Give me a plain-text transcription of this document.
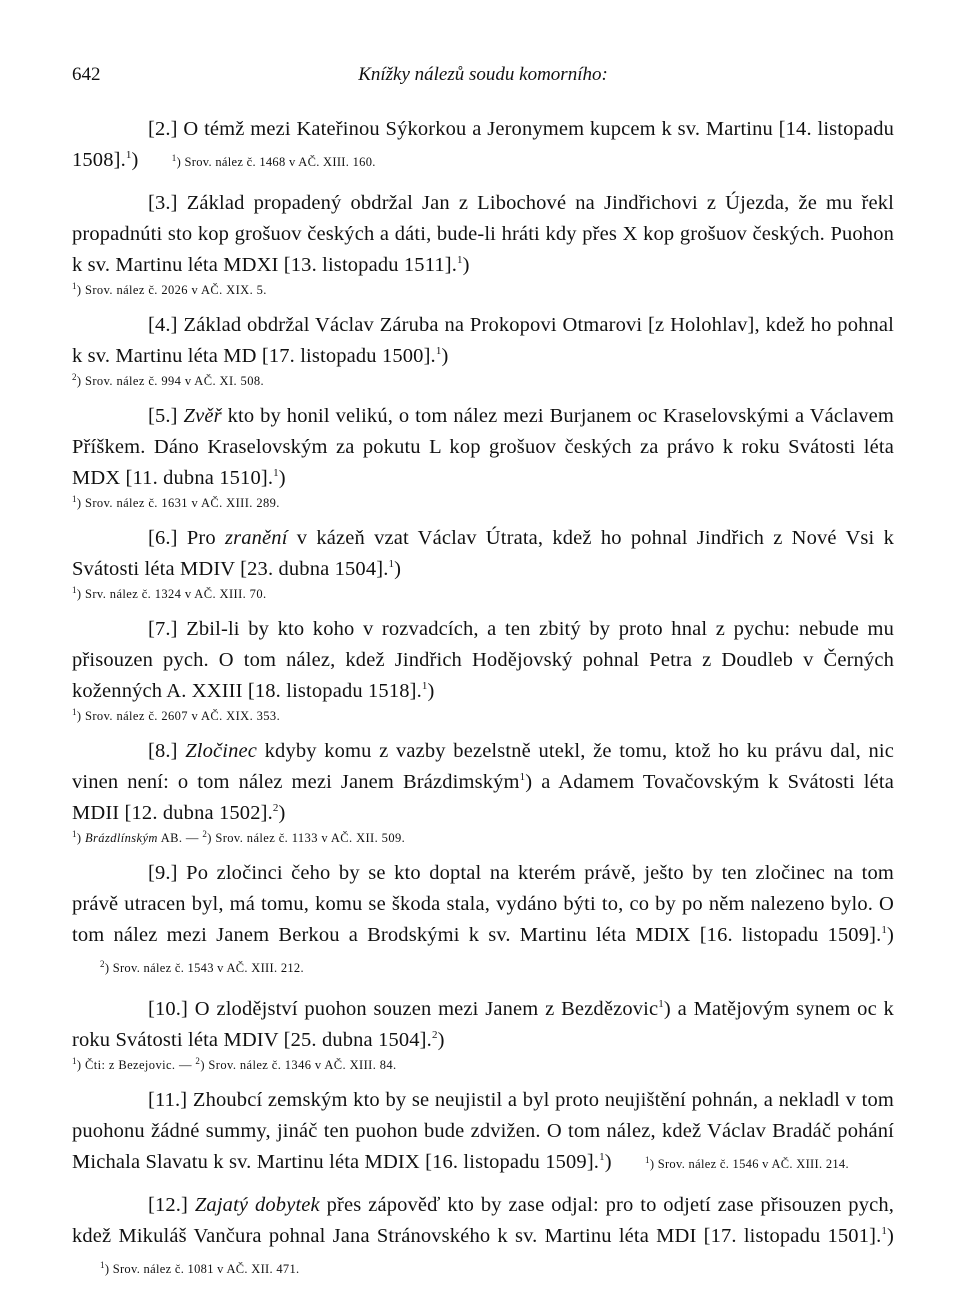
642	Knížky nálezů soudu komorního:
[2.] O témž mezi Kateřinou Sýkorkou a Jeronymem kupcem k sv. Martinu [14. listopadu 1508].$^1$)	$^1$) Srov. nález č. 1468 v AČ. XIII. 160.
[3.] Základ propadený obdržal Jan z Libochové na Jindřichovi z Újezda, že mu řekl propadnúti sto kop grošuov českých a dáti, bude-li hráti kdy přes X kop grošuov českých. Puohon k sv. Martinu léta MDXI [13. listopadu 1511].$^1$)
$^1$) Srov. nález č. 2026 v AČ. XIX. 5.
[4.] Základ obdržal Václav Záruba na Prokopovi Otmarovi [z Holohlav], kdež ho pohnal k sv. Martinu léta MD [17. listopadu 1500].$^1$)
$^2$) Srov. nález č. 994 v AČ. XI. 508.
[5.] Zvěř kto by honil velikú, o tom nález mezi Burjanem oc Kraselovskými a Václavem Příškem. Dáno Kraselovským za pokutu L kop grošuov českých za právo k roku Svátosti léta MDX [11. dubna 1510].$^1$)
$^1$) Srov. nález č. 1631 v AČ. XIII. 289.
[6.] Pro zranění v kázeň vzat Václav Útrata, kdež ho pohnal Jindřich z Nové Vsi k Svátosti léta MDIV [23. dubna 1504].$^1$)
$^1$) Srv. nález č. 1324 v AČ. XIII. 70.
[7.] Zbil-li by kto koho v rozvadcích, a ten zbitý by proto hnal z pychu: nebude mu přisouzen pych. O tom nález, kdež Jindřich Hodějovský pohnal Petra z Doudleb v Černých koženných A. XXIII [18. listopadu 1518].$^1$)
$^1$) Srov. nález č. 2607 v AČ. XIX. 353.
[8.] Zločinec kdyby komu z vazby bezelstně utekl, že tomu, ktož ho ku právu dal, nic vinen není: o tom nález mezi Janem Brázdimským$^1$) a Adamem Tovačovským k Svátosti léta MDII [12. dubna 1502].$^2$)
$^1$) Brázdlínským AB. — $^2$) Srov. nález č. 1133 v AČ. XII. 509.
[9.] Po zločinci čeho by se kto doptal na kterém právě, ješto by ten zločinec na tom právě utracen byl, má tomu, komu se škoda stala, vydáno býti to, co by po něm nalezeno bylo. O tom nález mezi Janem Berkou a Brodskými k sv. Martinu léta MDIX [16. listopadu 1509].$^1$) $^2$) Srov. nález č. 1543 v AČ. XIII. 212.
[10.] O zlodějství puohon souzen mezi Janem z Bezdězovic$^1$) a Matějovým synem oc k roku Svátosti léta MDIV [25. dubna 1504].$^2$)
$^1$) Čti: z Bezejovic. — $^2$) Srov. nález č. 1346 v AČ. XIII. 84.
[11.] Zhoubcí zemským kto by se neujistil a byl proto neujištění pohnán, a nekladl v tom puohonu žádné summy, jináč ten puohon bude zdvižen. O tom nález, kdež Václav Bradáč pohání Michala Slavatu k sv. Martinu léta MDIX [16. listopadu 1509].$^1$)	$^1$) Srov. nález č. 1546 v AČ. XIII. 214.
[12.] Zajatý dobytek přes zápověď kto by zase odjal: pro to odjetí zase přisouzen pych, kdež Mikuláš Vančura pohnal Jana Stránovského k sv. Martinu léta MDI [17. listopadu 1501].$^1$) $^1$) Srov. nález č. 1081 v AČ. XII. 471.
